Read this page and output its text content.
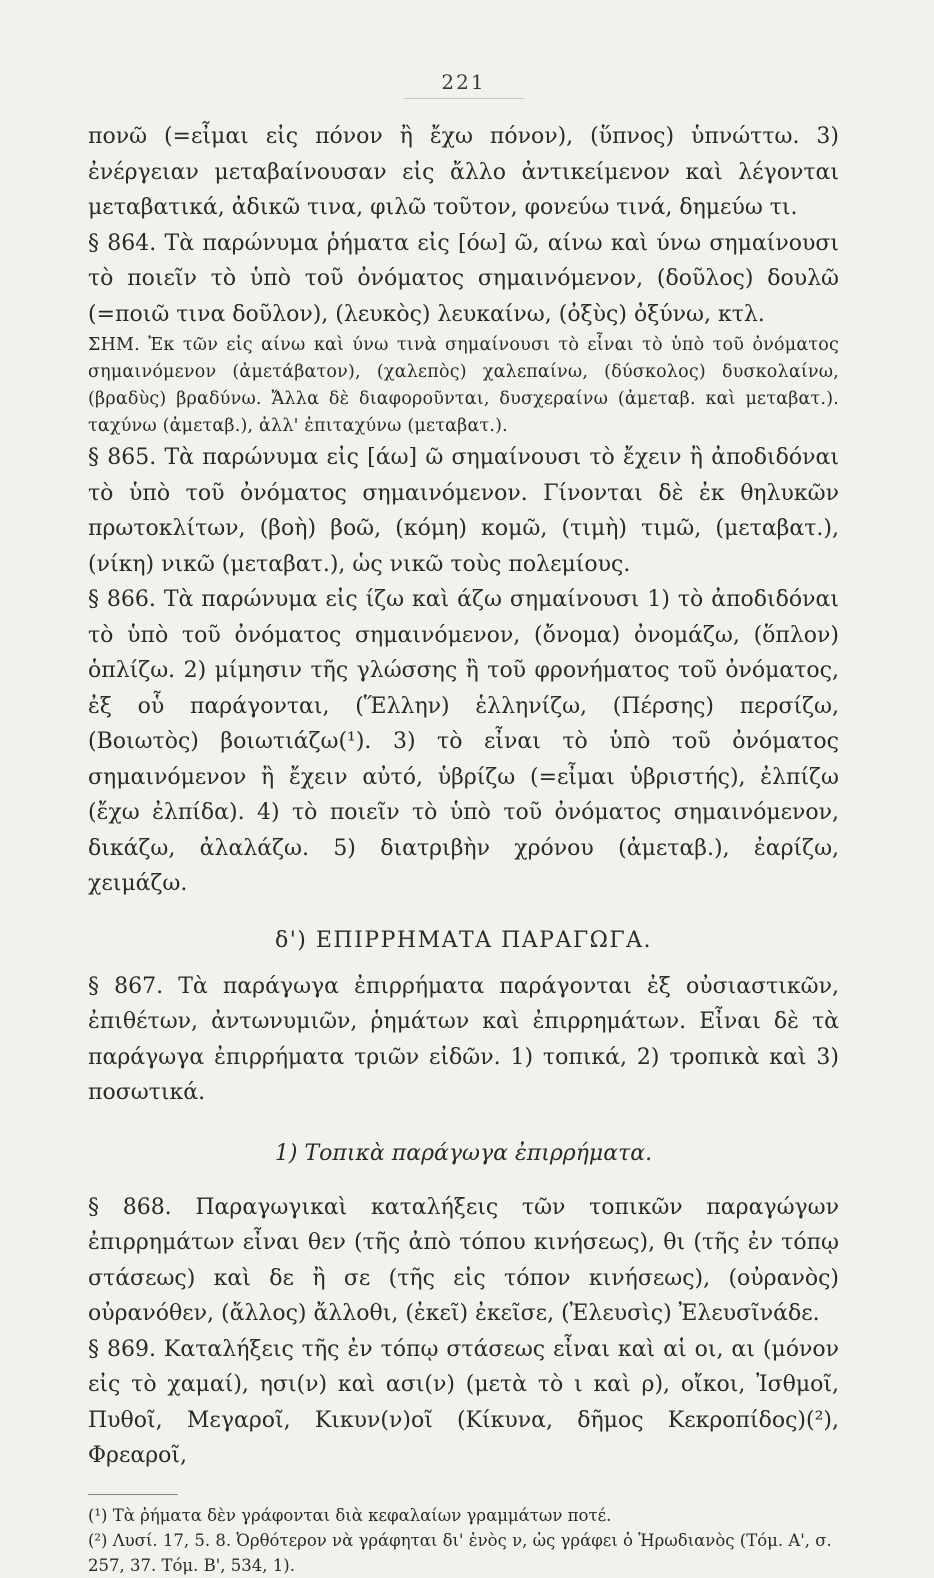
221

πονῶ (=εἶμαι εἰς πόνον ἢ ἔχω πόνον), (ὕπνος) ὑπνώττω. 3) ἐνέργειαν μεταβαίνουσαν εἰς ἄλλο ἀντικείμενον καὶ λέγονται μεταβατικά, ἀδικῶ τινα, φιλῶ τοῦτον, φονεύω τινά, δημεύω τι.

§ 864. Τὰ παρώνυμα ῥήματα εἰς [όω] ῶ, αίνω καὶ ύνω σημαίνουσι τὸ ποιεῖν τὸ ὑπὸ τοῦ ὀνόματος σημαινόμενον, (δοῦλος) δουλῶ (=ποιῶ τινα δοῦλον), (λευκὸς) λευκαίνω, (ὀξὺς) ὀξύνω, κτλ.

ΣΗΜ. Ἐκ τῶν εἰς αίνω καὶ ύνω τινὰ σημαίνουσι τὸ εἶναι τὸ ὑπὸ τοῦ ὀνόματος σημαινόμενον (ἀμετάβατον), (χαλεπὸς) χαλεπαίνω, (δύσκολος) δυσκολαίνω, (βραδὺς) βραδύνω. Ἄλλα δὲ διαφοροῦνται, δυσχεραίνω (ἀμεταβ. καὶ μεταβατ.). ταχύνω (ἀμεταβ.), ἀλλ' ἐπιταχύνω (μεταβατ.).

§ 865. Τὰ παρώνυμα εἰς [άω] ῶ σημαίνουσι τὸ ἔχειν ἢ ἀποδιδόναι τὸ ὑπὸ τοῦ ὀνόματος σημαινόμενον. Γίνονται δὲ ἐκ θηλυκῶν πρωτοκλίτων, (βοὴ) βοῶ, (κόμη) κομῶ, (τιμὴ) τιμῶ, (μεταβατ.), (νίκη) νικῶ (μεταβατ.), ὡς νικῶ τοὺς πολεμίους.

§ 866. Τὰ παρώνυμα εἰς ίζω καὶ άζω σημαίνουσι 1) τὸ ἀποδιδόναι τὸ ὑπὸ τοῦ ὀνόματος σημαινόμενον, (ὄνομα) ὀνομάζω, (ὅπλον) ὁπλίζω. 2) μίμησιν τῆς γλώσσης ἢ τοῦ φρονήματος τοῦ ὀνόματος, ἐξ οὗ παράγονται, (Ἕλλην) ἑλληνίζω, (Πέρσης) περσίζω, (Βοιωτὸς) βοιωτιάζω(¹). 3) τὸ εἶναι τὸ ὑπὸ τοῦ ὀνόματος σημαινόμενον ἢ ἔχειν αὐτό, ὑβρίζω (=εἶμαι ὑβριστής), ἐλπίζω (ἔχω ἐλπίδα). 4) τὸ ποιεῖν τὸ ὑπὸ τοῦ ὀνόματος σημαινόμενον, δικάζω, ἀλαλάζω. 5) διατριβὴν χρόνου (ἀμεταβ.), ἐαρίζω, χειμάζω.

δ') ΕΠΙΡΡΗΜΑΤΑ ΠΑΡΑΓΩΓΑ.

§ 867. Τὰ παράγωγα ἐπιρρήματα παράγονται ἐξ οὐσιαστικῶν, ἐπιθέτων, ἀντωνυμιῶν, ῥημάτων καὶ ἐπιρρημάτων. Εἶναι δὲ τὰ παράγωγα ἐπιρρήματα τριῶν εἰδῶν. 1) τοπικά, 2) τροπικὰ καὶ 3) ποσωτικά.

1) Τοπικὰ παράγωγα ἐπιρρήματα.

§ 868. Παραγωγικαὶ καταλήξεις τῶν τοπικῶν παραγώγων ἐπιρρημάτων εἶναι θεν (τῆς ἀπὸ τόπου κινήσεως), θι (τῆς ἐν τόπῳ στάσεως) καὶ δε ἢ σε (τῆς εἰς τόπον κινήσεως), (οὐρανὸς) οὐρανόθεν, (ἄλλος) ἄλλοθι, (ἐκεῖ) ἐκεῖσε, (Ἐλευσὶς) Ἐλευσῖνάδε.

§ 869. Καταλήξεις τῆς ἐν τόπῳ στάσεως εἶναι καὶ αἱ οι, αι (μόνον εἰς τὸ χαμαί), ησι(ν) καὶ ασι(ν) (μετὰ τὸ ι καὶ ρ), οἴκοι, Ἰσθμοῖ, Πυθοῖ, Μεγαροῖ, Κικυν(ν)οῖ (Κίκυνα, δῆμος Κεκροπίδος)(²), Φρεαροῖ,

(¹) Τὰ ῥήματα δὲν γράφονται διὰ κεφαλαίων γραμμάτων ποτέ.

(²) Λυσί. 17, 5. 8. Ὀρθότερον νὰ γράφηται δι' ἑνὸς ν, ὡς γράφει ὁ Ἡρωδιανὸς (Τόμ. Α', σ. 257, 37. Τόμ. Β', 534, 1).
